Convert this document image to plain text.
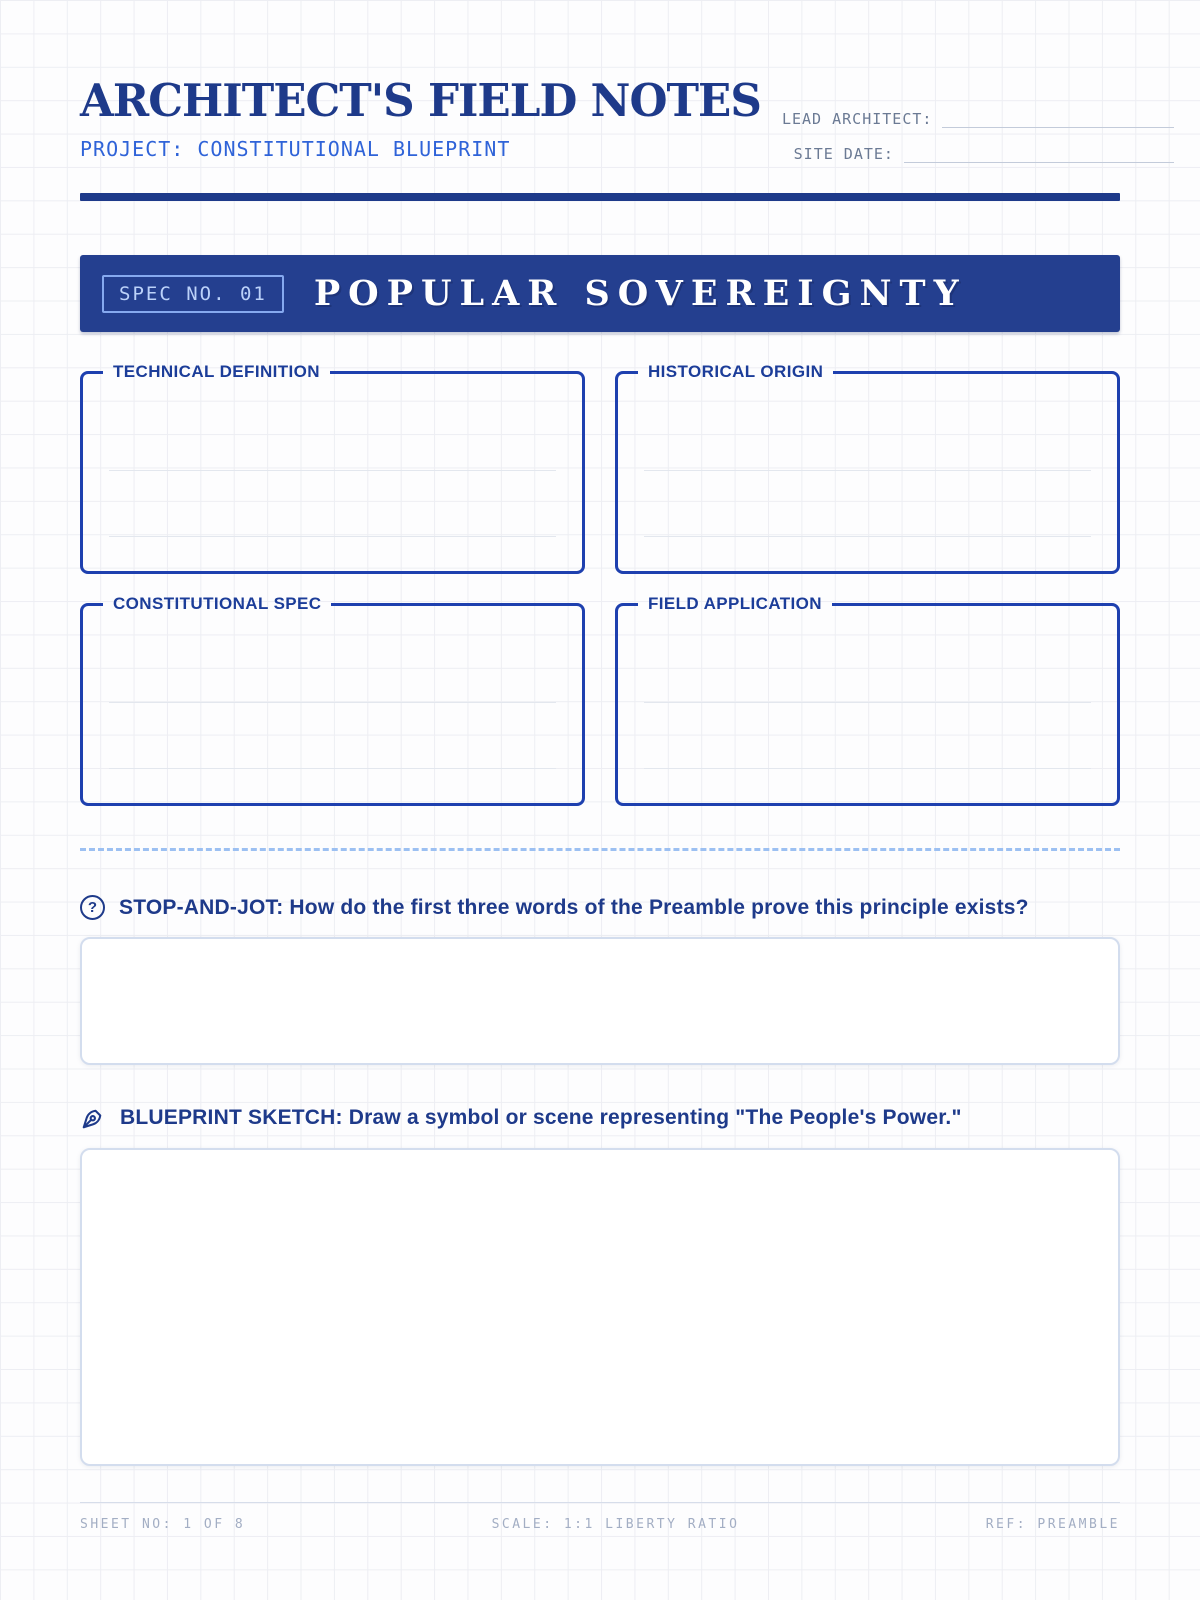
ARCHITECT'S FIELD NOTES
PROJECT: CONSTITUTIONAL BLUEPRINT
LEAD ARCHITECT:
SITE DATE:
SPEC NO. 01	POPULAR SOVEREIGNTY
TECHNICAL DEFINITION	HISTORICAL ORIGIN
CONSTITUTIONAL SPEC	FIELD APPLICATION
?	STOP-AND-JOT: How do the first three words of the Preamble prove this principle exists?
BLUEPRINT SKETCH: Draw a symbol or scene representing "The People's Power."
SHEET NO: 1 OF 8	SCALE: 1:1 LIBERTY RATIO	REF: PREAMBLE
